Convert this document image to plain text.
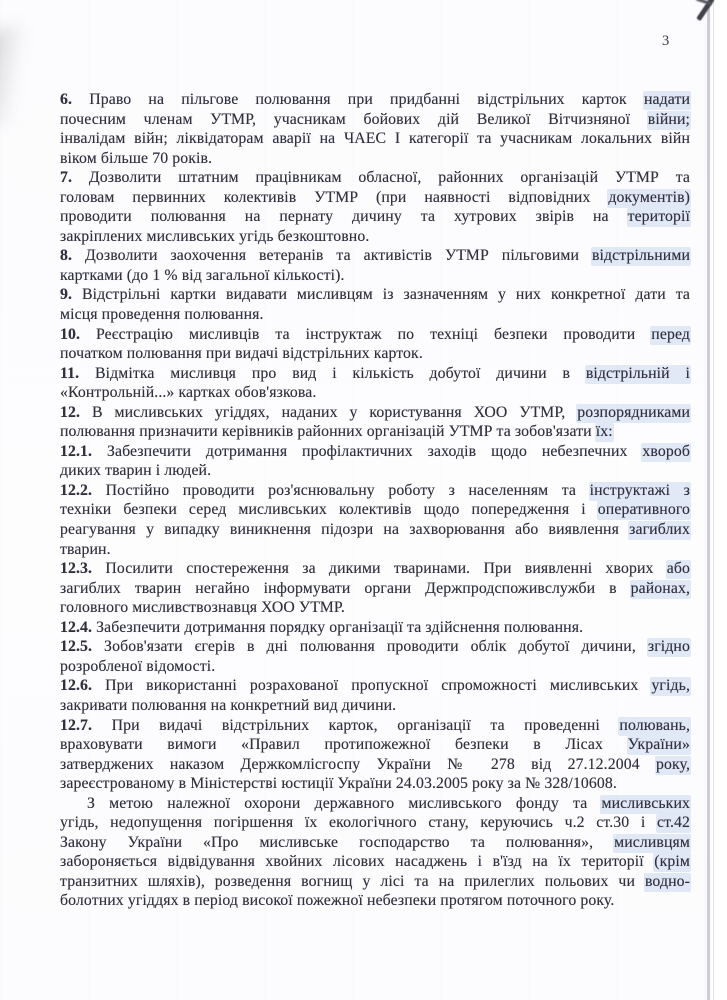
3
6. Право на пільгове полювання при придбанні відстрільних карток надати
почесним членам УТМР, учасникам бойових дій Великої Вітчизняної війни;
інвалідам війн; ліквідаторам аварії на ЧАЕС І категорії та учасникам локальних війн
віком більше 70 років.
7. Дозволити штатним працівникам обласної, районних організацій УТМР та
головам первинних колективів УТМР (при наявності відповідних документів)
проводити полювання на пернату дичину та хутрових звірів на території
закріплених мисливських угідь безкоштовно.
8. Дозволити заохочення ветеранів та активістів УТМР пільговими відстрільними
картками (до 1 % від загальної кількості).
9. Відстрільні картки видавати мисливцям із зазначенням у них конкретної дати та
місця проведення полювання.
10. Реєстрацію мисливців та інструктаж по техніці безпеки проводити перед
початком полювання при видачі відстрільних карток.
11. Відмітка мисливця про вид і кількість добутої дичини в відстрільній і
«Контрольній...» картках обов'язкова.
12. В мисливських угіддях, наданих у користування ХОО УТМР, розпорядниками
полювання призначити керівників районних організацій УТМР та зобов'язати їх:
12.1. Забезпечити дотримання профілактичних заходів щодо небезпечних хвороб
диких тварин і людей.
12.2. Постійно проводити роз'яснювальну роботу з населенням та інструктажі з
техніки безпеки серед мисливських колективів щодо попередження і оперативного
реагування у випадку виникнення підозри на захворювання або виявлення загиблих
тварин.
12.3. Посилити спостереження за дикими тваринами. При виявленні хворих або
загиблих тварин негайно інформувати органи Держпродспоживслужби в районах,
головного мисливствознавця ХОО УТМР.
12.4. Забезпечити дотримання порядку організації та здійснення полювання.
12.5. Зобов'язати єгерів в дні полювання проводити облік добутої дичини, згідно
розробленої відомості.
12.6. При використанні розрахованої пропускної спроможності мисливських угідь,
закривати полювання на конкретний вид дичини.
12.7. При видачі відстрільних карток, організації та проведенні полювань,
враховувати вимоги «Правил протипожежної безпеки в Лісах України»
затверджених наказом Держкомлісгоспу України № 278 від 27.12.2004 року,
зареєстрованому в Міністерстві юстиції України 24.03.2005 року за № 328/10608.
З метою належної охорони державного мисливського фонду та мисливських
угідь, недопущення погіршення їх екологічного стану, керуючись ч.2 ст.30 і ст.42
Закону України «Про мисливське господарство та полювання», мисливцям
забороняється відвідування хвойних лісових насаджень і в'їзд на їх території (крім
транзитних шляхів), розведення вогнищ у лісі та на прилеглих польових чи водно-
болотних угіддях в період високої пожежної небезпеки протягом поточного року.
